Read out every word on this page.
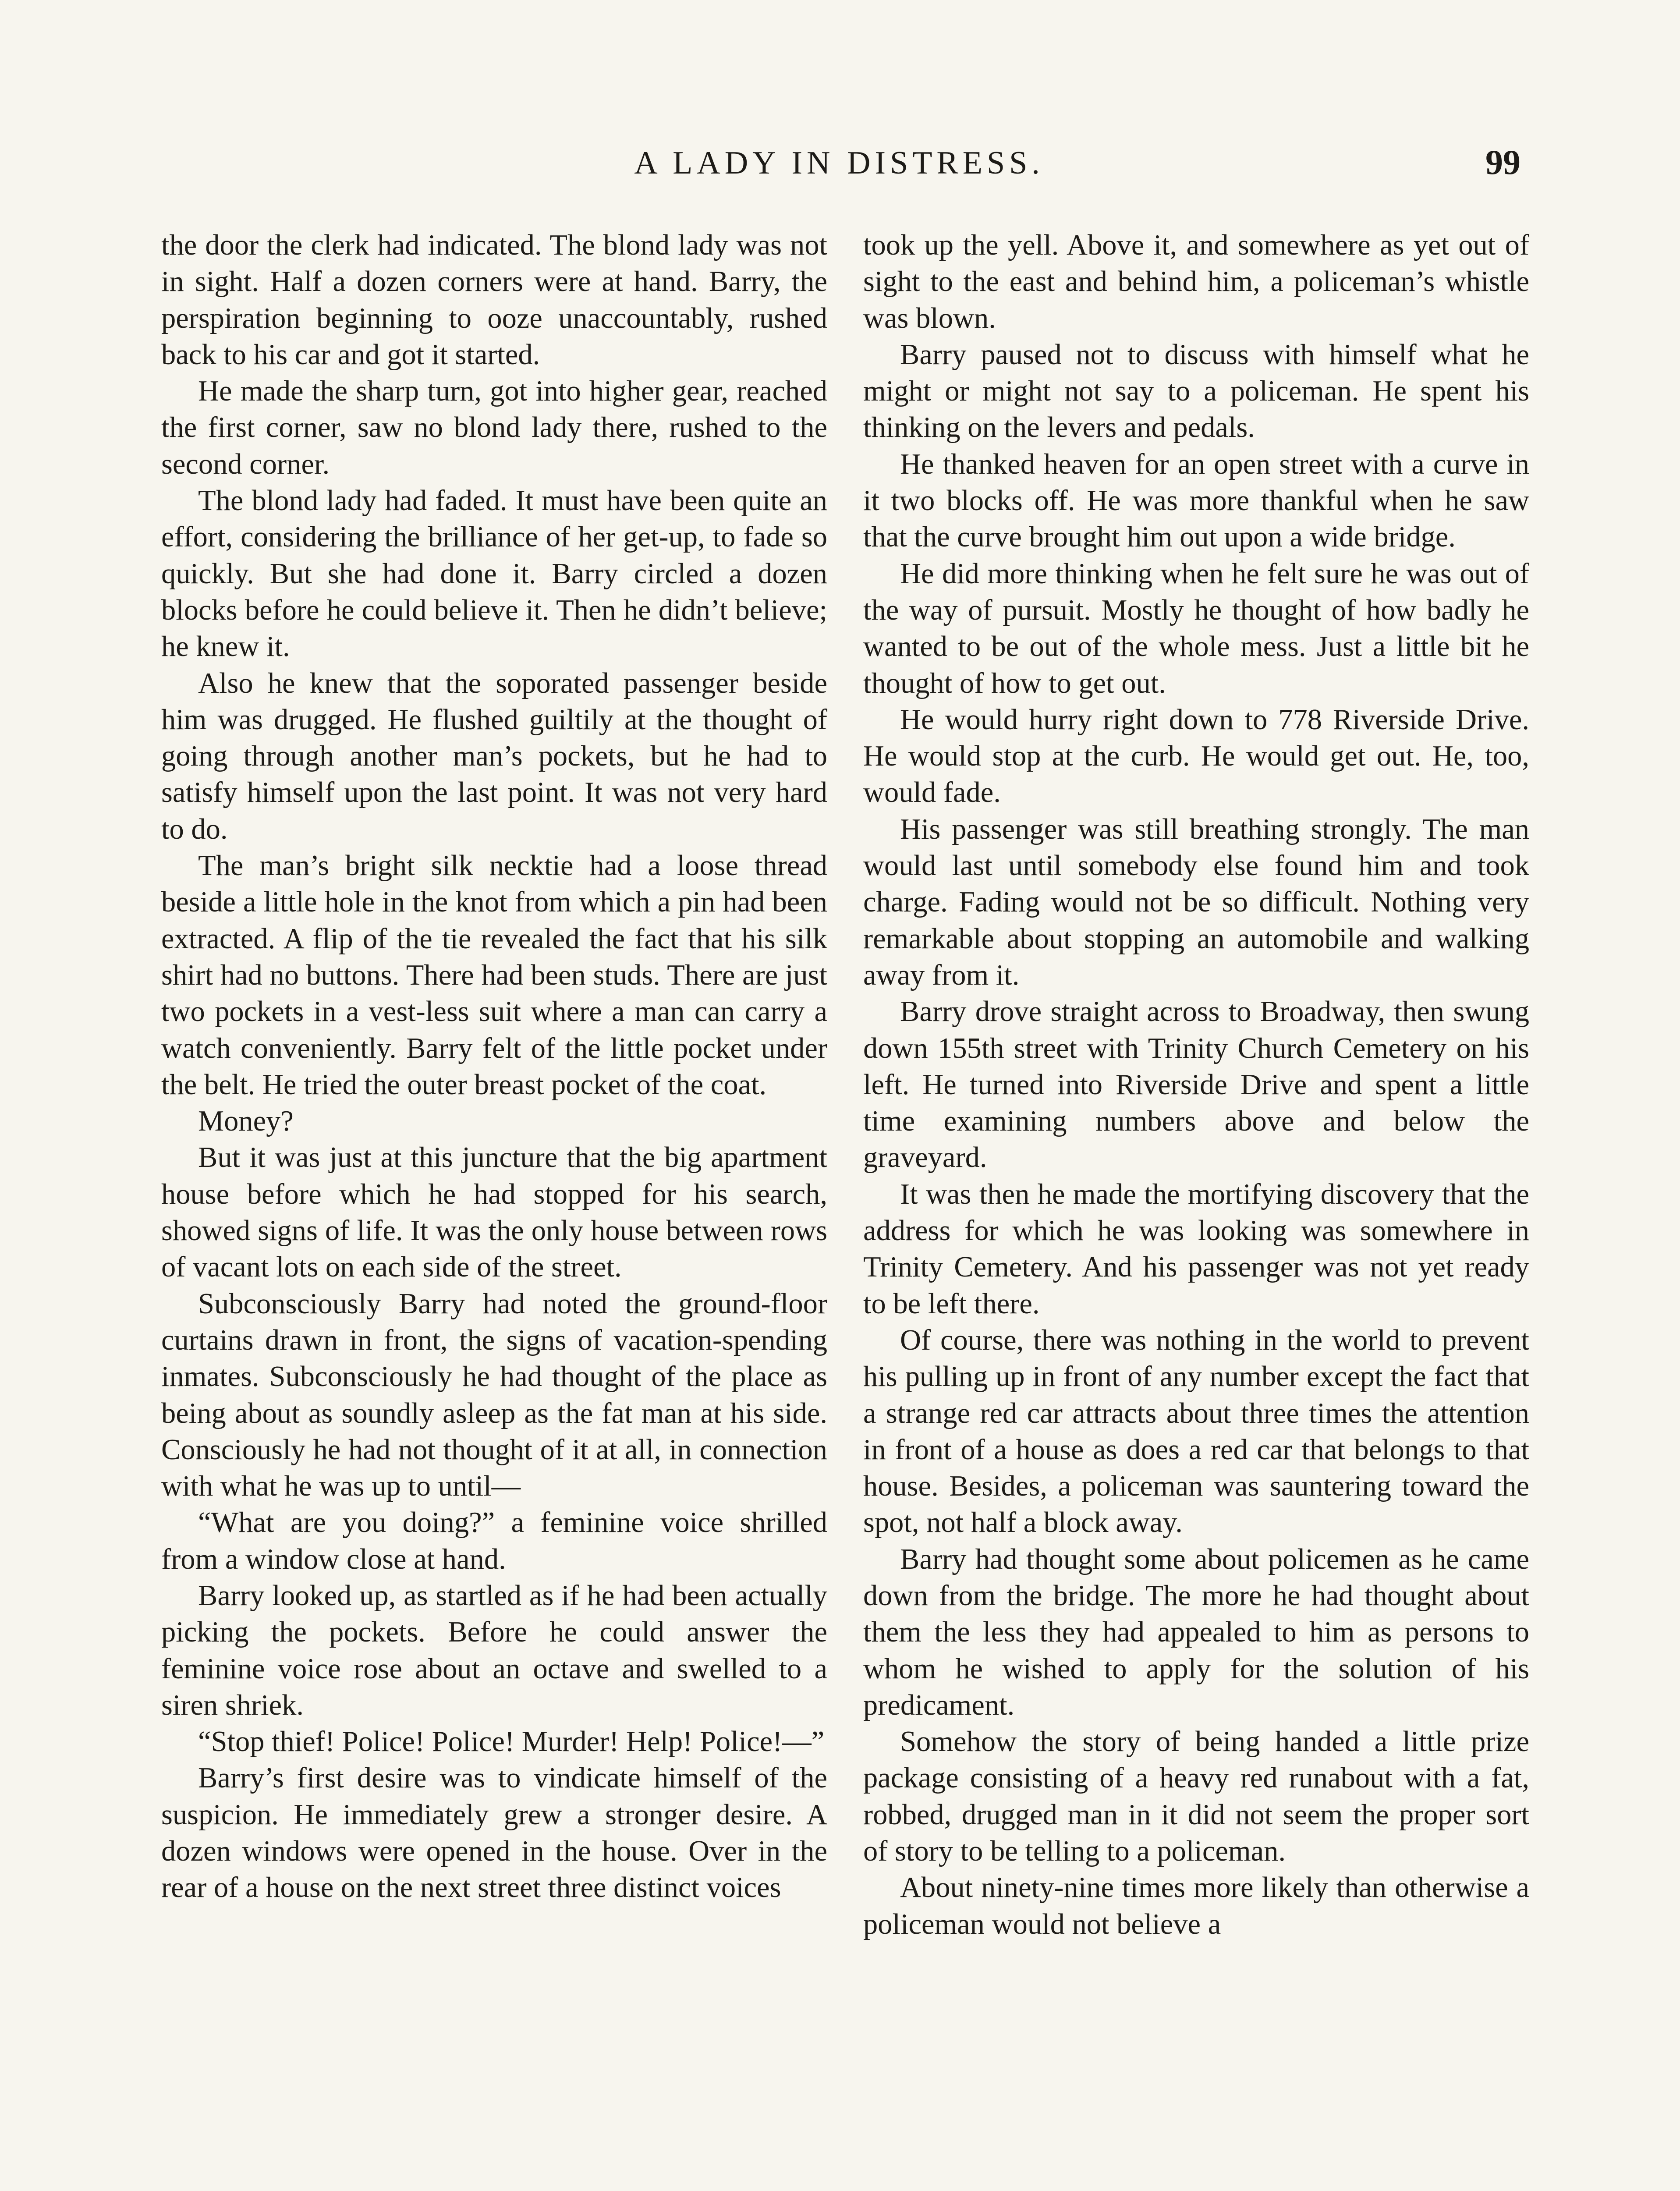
A LADY IN DISTRESS.	99

the door the clerk had indicated. The blond lady was not in sight. Half a dozen corners were at hand. Barry, the perspiration beginning to ooze unaccountably, rushed back to his car and got it started.

He made the sharp turn, got into higher gear, reached the first corner, saw no blond lady there, rushed to the second corner.

The blond lady had faded. It must have been quite an effort, considering the brilliance of her get-up, to fade so quickly. But she had done it. Barry circled a dozen blocks before he could believe it. Then he didn’t believe; he knew it.

Also he knew that the soporated passenger beside him was drugged. He flushed guiltily at the thought of going through another man’s pockets, but he had to satisfy himself upon the last point. It was not very hard to do.

The man’s bright silk necktie had a loose thread beside a little hole in the knot from which a pin had been extracted. A flip of the tie revealed the fact that his silk shirt had no buttons. There had been studs. There are just two pockets in a vest-less suit where a man can carry a watch conveniently. Barry felt of the little pocket under the belt. He tried the outer breast pocket of the coat.

Money?

But it was just at this juncture that the big apartment house before which he had stopped for his search, showed signs of life. It was the only house between rows of vacant lots on each side of the street.

Subconsciously Barry had noted the ground-floor curtains drawn in front, the signs of vacation-spending inmates. Subconsciously he had thought of the place as being about as soundly asleep as the fat man at his side. Consciously he had not thought of it at all, in connection with what he was up to until—

“What are you doing?” a feminine voice shrilled from a window close at hand.

Barry looked up, as startled as if he had been actually picking the pockets. Before he could answer the feminine voice rose about an octave and swelled to a siren shriek.

“Stop thief! Police! Police! Murder! Help! Police!—”

Barry’s first desire was to vindicate himself of the suspicion. He immediately grew a stronger desire. A dozen windows were opened in the house. Over in the rear of a house on the next street three distinct voices

took up the yell. Above it, and somewhere as yet out of sight to the east and behind him, a policeman’s whistle was blown.

Barry paused not to discuss with himself what he might or might not say to a policeman. He spent his thinking on the levers and pedals.

He thanked heaven for an open street with a curve in it two blocks off. He was more thankful when he saw that the curve brought him out upon a wide bridge.

He did more thinking when he felt sure he was out of the way of pursuit. Mostly he thought of how badly he wanted to be out of the whole mess. Just a little bit he thought of how to get out.

He would hurry right down to 778 Riverside Drive. He would stop at the curb. He would get out. He, too, would fade.

His passenger was still breathing strongly. The man would last until somebody else found him and took charge. Fading would not be so difficult. Nothing very remarkable about stopping an automobile and walking away from it.

Barry drove straight across to Broadway, then swung down 155th street with Trinity Church Cemetery on his left. He turned into Riverside Drive and spent a little time examining numbers above and below the graveyard.

It was then he made the mortifying discovery that the address for which he was looking was somewhere in Trinity Cemetery. And his passenger was not yet ready to be left there.

Of course, there was nothing in the world to prevent his pulling up in front of any number except the fact that a strange red car attracts about three times the attention in front of a house as does a red car that belongs to that house. Besides, a policeman was sauntering toward the spot, not half a block away.

Barry had thought some about policemen as he came down from the bridge. The more he had thought about them the less they had appealed to him as persons to whom he wished to apply for the solution of his predicament.

Somehow the story of being handed a little prize package consisting of a heavy red runabout with a fat, robbed, drugged man in it did not seem the proper sort of story to be telling to a policeman.

About ninety-nine times more likely than otherwise a policeman would not believe a
